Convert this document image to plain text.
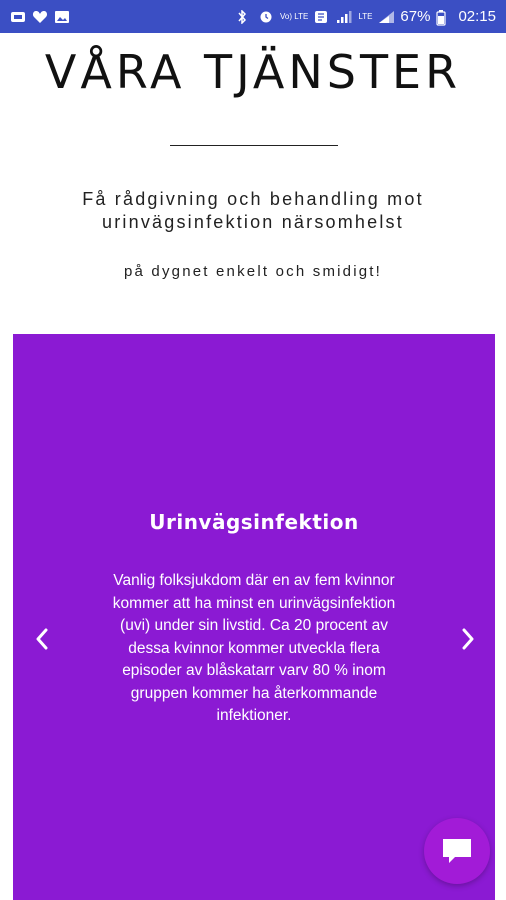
Vo) LTE	LTE 67% 02:15
VÅRA TJÄNSTER

Få rådgivning och behandling mot urinvägsinfektion närsomhelst

på dygnet enkelt och smidigt!

Urinvägsinfektion

Vanlig folksjukdom där en av fem kvinnor kommer att ha minst en urinvägsinfektion (uvi) under sin livstid. Ca 20 procent av dessa kvinnor kommer utveckla flera episoder av blåskatarr varv 80 % inom gruppen kommer ha återkommande infektioner.
